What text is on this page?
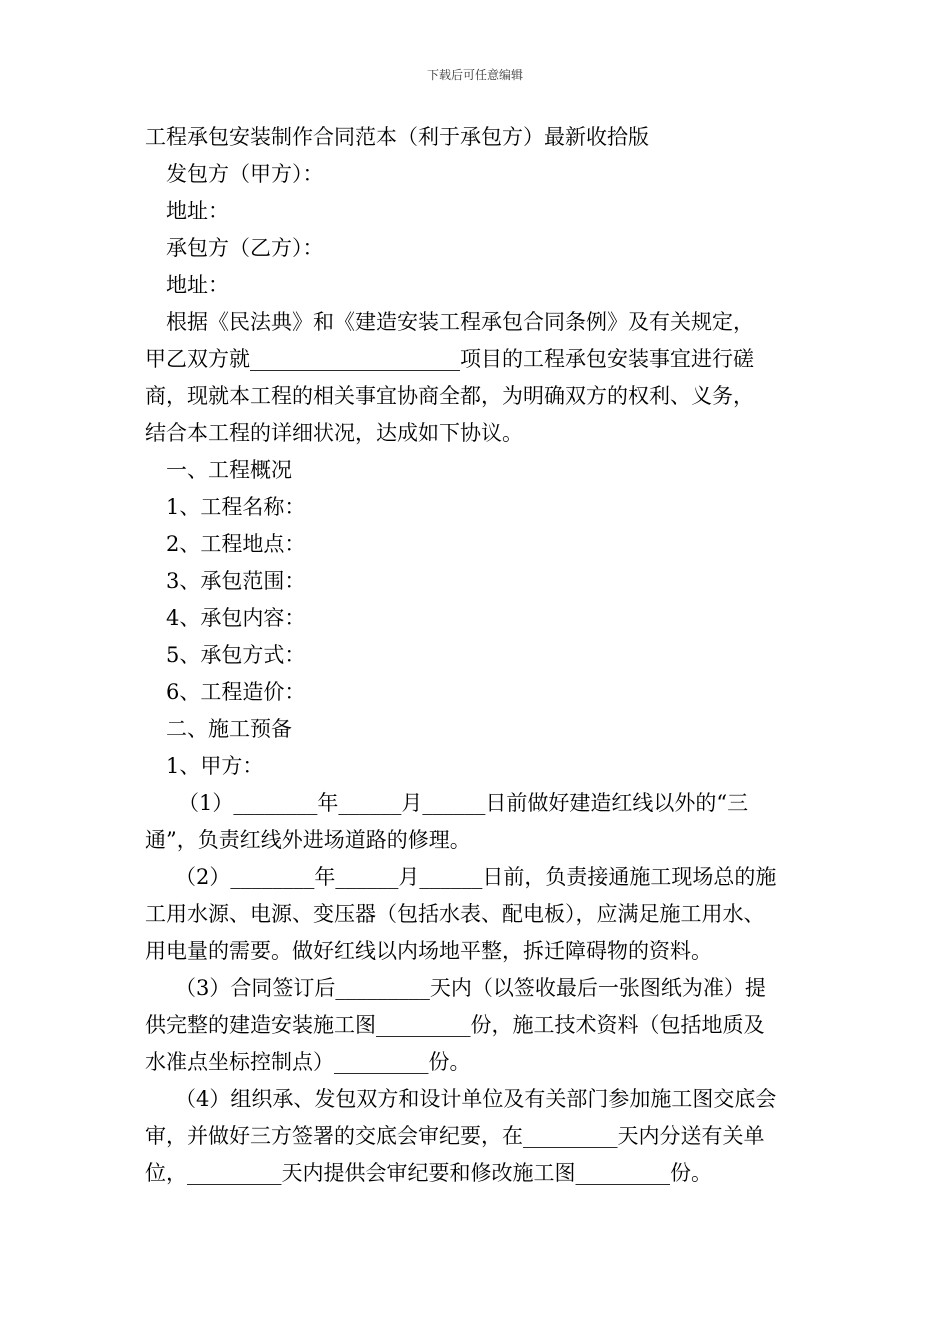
下载后可任意编辑
工程承包安装制作合同范本（利于承包方）最新收拾版
发包方（甲方）：
地址：
承包方（乙方）：
地址：
根据《民法典》和《建造安装工程承包合同条例》及有关规定，
甲乙双方就____________________项目的工程承包安装事宜进行磋
商，现就本工程的相关事宜协商全都，为明确双方的权利、义务，
结合本工程的详细状况，达成如下协议。
一、工程概况
1、工程名称：
2、工程地点：
3、承包范围：
4、承包内容：
5、承包方式：
6、工程造价：
二、施工预备
1、甲方：
（1）________年______月______日前做好建造红线以外的“三
通”，负责红线外进场道路的修理。
（2）________年______月______日前，负责接通施工现场总的施
工用水源、电源、变压器（包括水表、配电板），应满足施工用水、
用电量的需要。做好红线以内场地平整，拆迁障碍物的资料。
（3）合同签订后_________天内（以签收最后一张图纸为准）提
供完整的建造安装施工图_________份，施工技术资料（包括地质及
水准点坐标控制点）_________份。
（4）组织承、发包双方和设计单位及有关部门参加施工图交底会
审，并做好三方签署的交底会审纪要，在_________天内分送有关单
位，_________天内提供会审纪要和修改施工图_________份。
